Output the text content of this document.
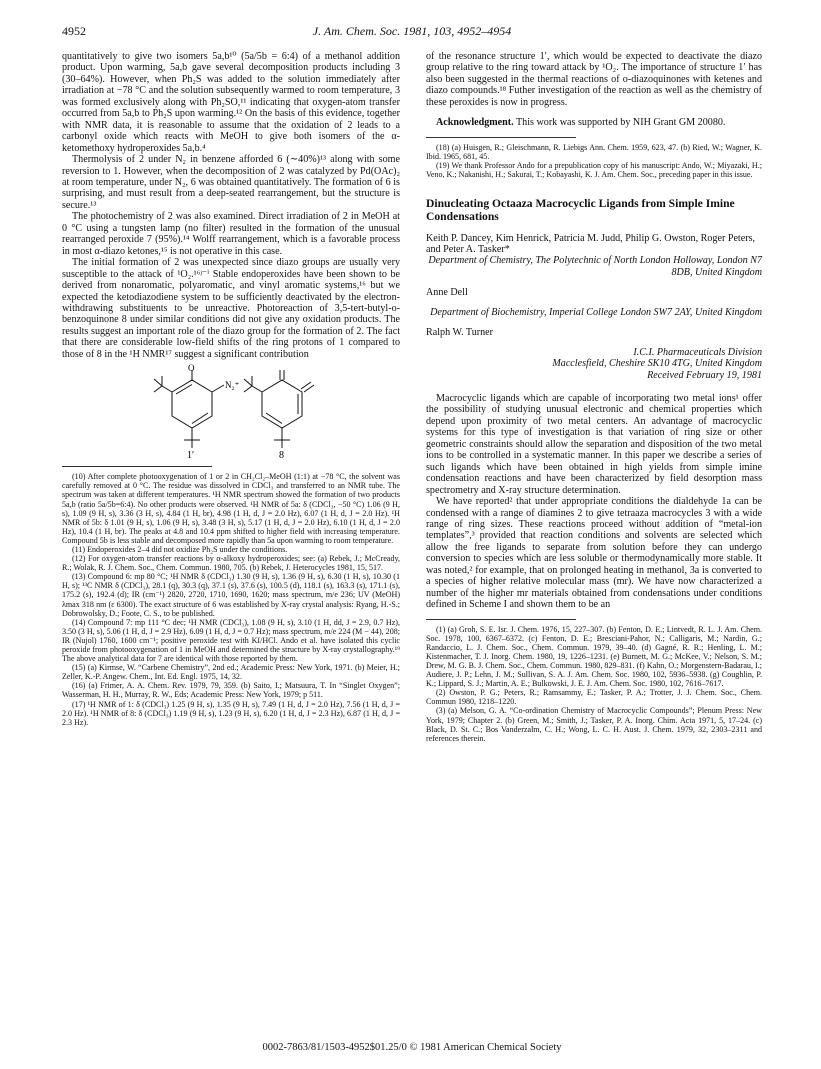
4952	J. Am. Chem. Soc. 1981, 103, 4952–4954

quantitatively to give two isomers 5a,b¹⁰ (5a/5b = 6:4) of a methanol addition product. Upon warming, 5a,b gave several decomposition products including 3 (30–64%). However, when Ph₂S was added to the solution immediately after irradiation at −78 °C and the solution subsequently warmed to room temperature, 3 was formed exclusively along with Ph₂SO,¹¹ indicating that oxygen-atom transfer occurred from 5a,b to Ph₂S upon warming.¹² On the basis of this evidence, together with NMR data, it is reasonable to assume that the oxidation of 2 leads to a carbonyl oxide which reacts with MeOH to give both isomers of the α-ketomethoxy hydroperoxides 5a,b.⁴

Thermolysis of 2 under N₂ in benzene afforded 6 (∼40%)¹³ along with some reversion to 1. However, when the decomposition of 2 was catalyzed by Pd(OAc)₂ at room temperature, under N₂, 6 was obtained quantitatively. The formation of 6 is surprising, and must result from a deep-seated rearrangement, but the structure is secure.¹³

The photochemistry of 2 was also examined. Direct irradiation of 2 in MeOH at 0 °C using a tungsten lamp (no filter) resulted in the formation of the unusual rearranged peroxide 7 (95%).¹⁴ Wolff rearrangement, which is a favorable process in most α-diazo ketones,¹⁵ is not operative in this case.

The initial formation of 2 was unexpected since diazo groups are usually very susceptible to the attack of ¹O₂.¹⁶ʲ⁻ⁱ Stable endoperoxides have been shown to be derived from nonaromatic, polyaromatic, and vinyl aromatic systems,¹⁶ but we expected the ketodiazodiene system to be sufficiently deactivated by the electron-withdrawing substituents to be unreactive. Photoreaction of 3,5-tert-butyl-o-benzoquinone 8 under similar conditions did not give any oxidation products. The results suggest an important role of the diazo group for the formation of 2. The fact that there are considerable low-field shifts of the ring protons of 1 compared to those of 8 in the ¹H NMR¹⁷ suggest a significant contribution

O
N₂⁺
1′	8
(10) After complete photooxygenation of 1 or 2 in CH₂Cl₂–MeOH (1:1) at −78 °C, the solvent was carefully removed at 0 °C. The residue was dissolved in CDCl₃ and transferred to an NMR tube. The spectrum was taken at different temperatures. ¹H NMR spectrum showed the formation of two products 5a,b (ratio 5a/5b=6:4). No other products were observed. ¹H NMR of 5a: δ (CDCl₃, −50 °C) 1.06 (9 H, s), 1.09 (9 H, s), 3.36 (3 H, s), 4.84 (1 H, br), 4.98 (1 H, d, J = 2.0 Hz), 6.07 (1 H, d, J = 2.0 Hz). ¹H NMR of 5b: δ 1.01 (9 H, s), 1.06 (9 H, s), 3.48 (3 H, s), 5.17 (1 H, d, J = 2.0 Hz), 6.10 (1 H, d, J = 2.0 Hz), 10.4 (1 H, br). The peaks at 4.8 and 10.4 ppm shifted to higher field with increasing temperature. Compound 5b is less stable and decomposed more rapidly than 5a upon warming to room temperature.
(11) Endoperoxides 2–4 did not oxidize Ph₂S under the conditions.
(12) For oxygen-atom transfer reactions by α-alkoxy hydroperoxides; see: (a) Rebek, J.; McCready, R.; Wolak, R. J. Chem. Soc., Chem. Commun. 1980, 705. (b) Rebek, J. Heterocycles 1981, 15, 517.
(13) Compound 6: mp 80 °C; ¹H NMR δ (CDCl₃) 1.30 (9 H, s), 1.36 (9 H, s), 6.30 (1 H, s), 10.30 (1 H, s); ¹³C NMR δ (CDCl₃), 28.1 (q), 30.3 (q), 37.1 (s), 37.6 (s), 100.5 (d), 118.1 (s), 163.3 (s), 171.1 (s), 175.2 (s), 192.4 (d); IR (cm⁻¹) 2820, 2720, 1710, 1690, 1620; mass spectrum, m/e 236; UV (MeOH) λmax 318 nm (ε 6300). The exact structure of 6 was established by X-ray crystal analysis: Ryang, H.-S.; Dobrowolsky, D.; Foote, C. S., to be published.
(14) Compound 7: mp 111 °C dec; ¹H NMR (CDCl₃), 1.08 (9 H, s), 3.10 (1 H, dd, J = 2.9, 0.7 Hz), 3.50 (3 H, s), 5.06 (1 H, d, J = 2.9 Hz), 6.09 (1 H, d, J = 0.7 Hz); mass spectrum, m/e 224 (M − 44), 208; IR (Nujol) 1760, 1600 cm⁻¹; positive peroxide test with KI/HCl. Ando et al. have isolated this cyclic peroxide from photooxygenation of 1 in MeOH and determined the structure by X-ray crystallography.¹⁹ The above analytical data for 7 are identical with those reported by them.
(15) (a) Kirmse, W. “Carbene Chemistry”, 2nd ed.; Academic Press: New York, 1971. (b) Meier, H.; Zeller, K.-P. Angew. Chem., Int. Ed. Engl. 1975, 14, 32.
(16) (a) Frimer, A. A. Chem. Rev. 1979, 79, 359. (b) Saito, I.; Matsuura, T. In “Singlet Oxygen”; Wasserman, H. H., Murray, R. W., Eds; Academic Press: New York, 1979; p 511.
(17) ¹H NMR of 1: δ (CDCl₃) 1.25 (9 H, s), 1.35 (9 H, s), 7.49 (1 H, d, J = 2.0 Hz), 7.56 (1 H, d, J = 2.0 Hz). ¹H NMR of 8: δ (CDCl₃) 1.19 (9 H, s), 1.23 (9 H, s), 6.20 (1 H, d, J = 2.3 Hz), 6.87 (1 H, d, J = 2.3 Hz).

of the resonance structure 1′, which would be expected to deactivate the diazo group relative to the ring toward attack by ¹O₂. The importance of structure 1′ has also been suggested in the thermal reactions of o-diazoquinones with ketenes and diazo compounds.¹⁸ Futher investigation of the reaction as well as the chemistry of these peroxides is now in progress.

Acknowledgment. This work was supported by NIH Grant GM 20080.

(18) (a) Huisgen, R.; Gleischmann, R. Liebigs Ann. Chem. 1959, 623, 47. (b) Ried, W.; Wagner, K. Ibid. 1965, 681, 45.
(19) We thank Professor Ando for a prepublication copy of his manuscript: Ando, W.; Miyazaki, H.; Veno, K.; Nakanishi, H.; Sakurai, T.; Kobayashi, K. J. Am. Chem. Soc., preceding paper in this issue.
Dinucleating Octaaza Macrocyclic Ligands from Simple Imine Condensations
Keith P. Dancey, Kim Henrick, Patricia M. Judd, Philip G. Owston, Roger Peters, and Peter A. Tasker*
Department of Chemistry, The Polytechnic of North London Holloway, London N7 8DB, United Kingdom
Anne Dell
Department of Biochemistry, Imperial College London SW7 2AY, United Kingdom
Ralph W. Turner
I.C.I. Pharmaceuticals Division
Macclesfield, Cheshire SK10 4TG, United Kingdom
Received February 19, 1981

Macrocyclic ligands which are capable of incorporating two metal ions¹ offer the possibility of studying unusual electronic and chemical properties which depend upon proximity of two metal centers. An advantage of macrocyclic systems for this type of investigation is that variation of ring size or other geometric constraints should allow the separation and disposition of the two metal ions to be controlled in a systematic manner. In this paper we describe a series of such ligands which have been obtained in high yields from simple imine condensation reactions and have been characterized by field desorption mass spectrometry and X-ray structure determination.

We have reported² that under appropriate conditions the dialdehyde 1a can be condensed with a range of diamines 2 to give tetraaza macrocycles 3 with a wide range of ring sizes. These reactions proceed without addition of “metal-ion templates”,³ provided that reaction conditions and solvents are selected which allow the free ligands to separate from solution before they can undergo conversion to species which are less soluble or thermodynamically more stable. It was noted,² for example, that on prolonged heating in methanol, 3a is converted to a species of higher relative molecular mass (mr). We have now characterized a number of the higher mr materials obtained from condensations under conditions defined in Scheme I and shown them to be an

(1) (a) Groh, S. E. Isr. J. Chem. 1976, 15, 227–307. (b) Fenton, D. E.; Lintvedt, R. L. J. Am. Chem. Soc. 1978, 100, 6367–6372. (c) Fenton, D. E.; Bresciani-Pahor, N.; Calligaris, M.; Nardin, G.; Randaccio, L. J. Chem. Soc., Chem. Commun. 1979, 39–40. (d) Gagné, R. R.; Henling, L. M.; Kistenmacher, T. J. Inorg. Chem. 1980, 19, 1226–1231. (e) Burnett, M. G.; McKee, V.; Nelson, S. M.; Drew, M. G. B. J. Chem. Soc., Chem. Commun. 1980, 829–831. (f) Kahn, O.; Morgenstern-Badarau, I.; Audiere, J. P.; Lehn, J. M.; Sullivan, S. A. J. Am. Chem. Soc. 1980, 102, 5936–5938. (g) Coughlin, P. K.; Lippard, S. J.; Martin, A. E.; Bulkowski, J. E. J. Am. Chem. Soc. 1980, 102, 7616–7617.
(2) Owston, P. G.; Peters, R.; Ramsammy, E.; Tasker, P. A.; Trotter, J. J. Chem. Soc., Chem. Commun 1980, 1218–1220.
(3) (a) Melson, G. A. “Co-ordination Chemistry of Macrocyclic Compounds”; Plenum Press: New York, 1979; Chapter 2. (b) Green, M.; Smith, J.; Tasker, P. A. Inorg. Chim. Acta 1971, 5, 17–24. (c) Black, D. St. C.; Bos Vanderzalm, C. H.; Wong, L. C. H. Aust. J. Chem. 1979, 32, 2303–2311 and references therein.
0002-7863/81/1503-4952$01.25/0 © 1981 American Chemical Society
